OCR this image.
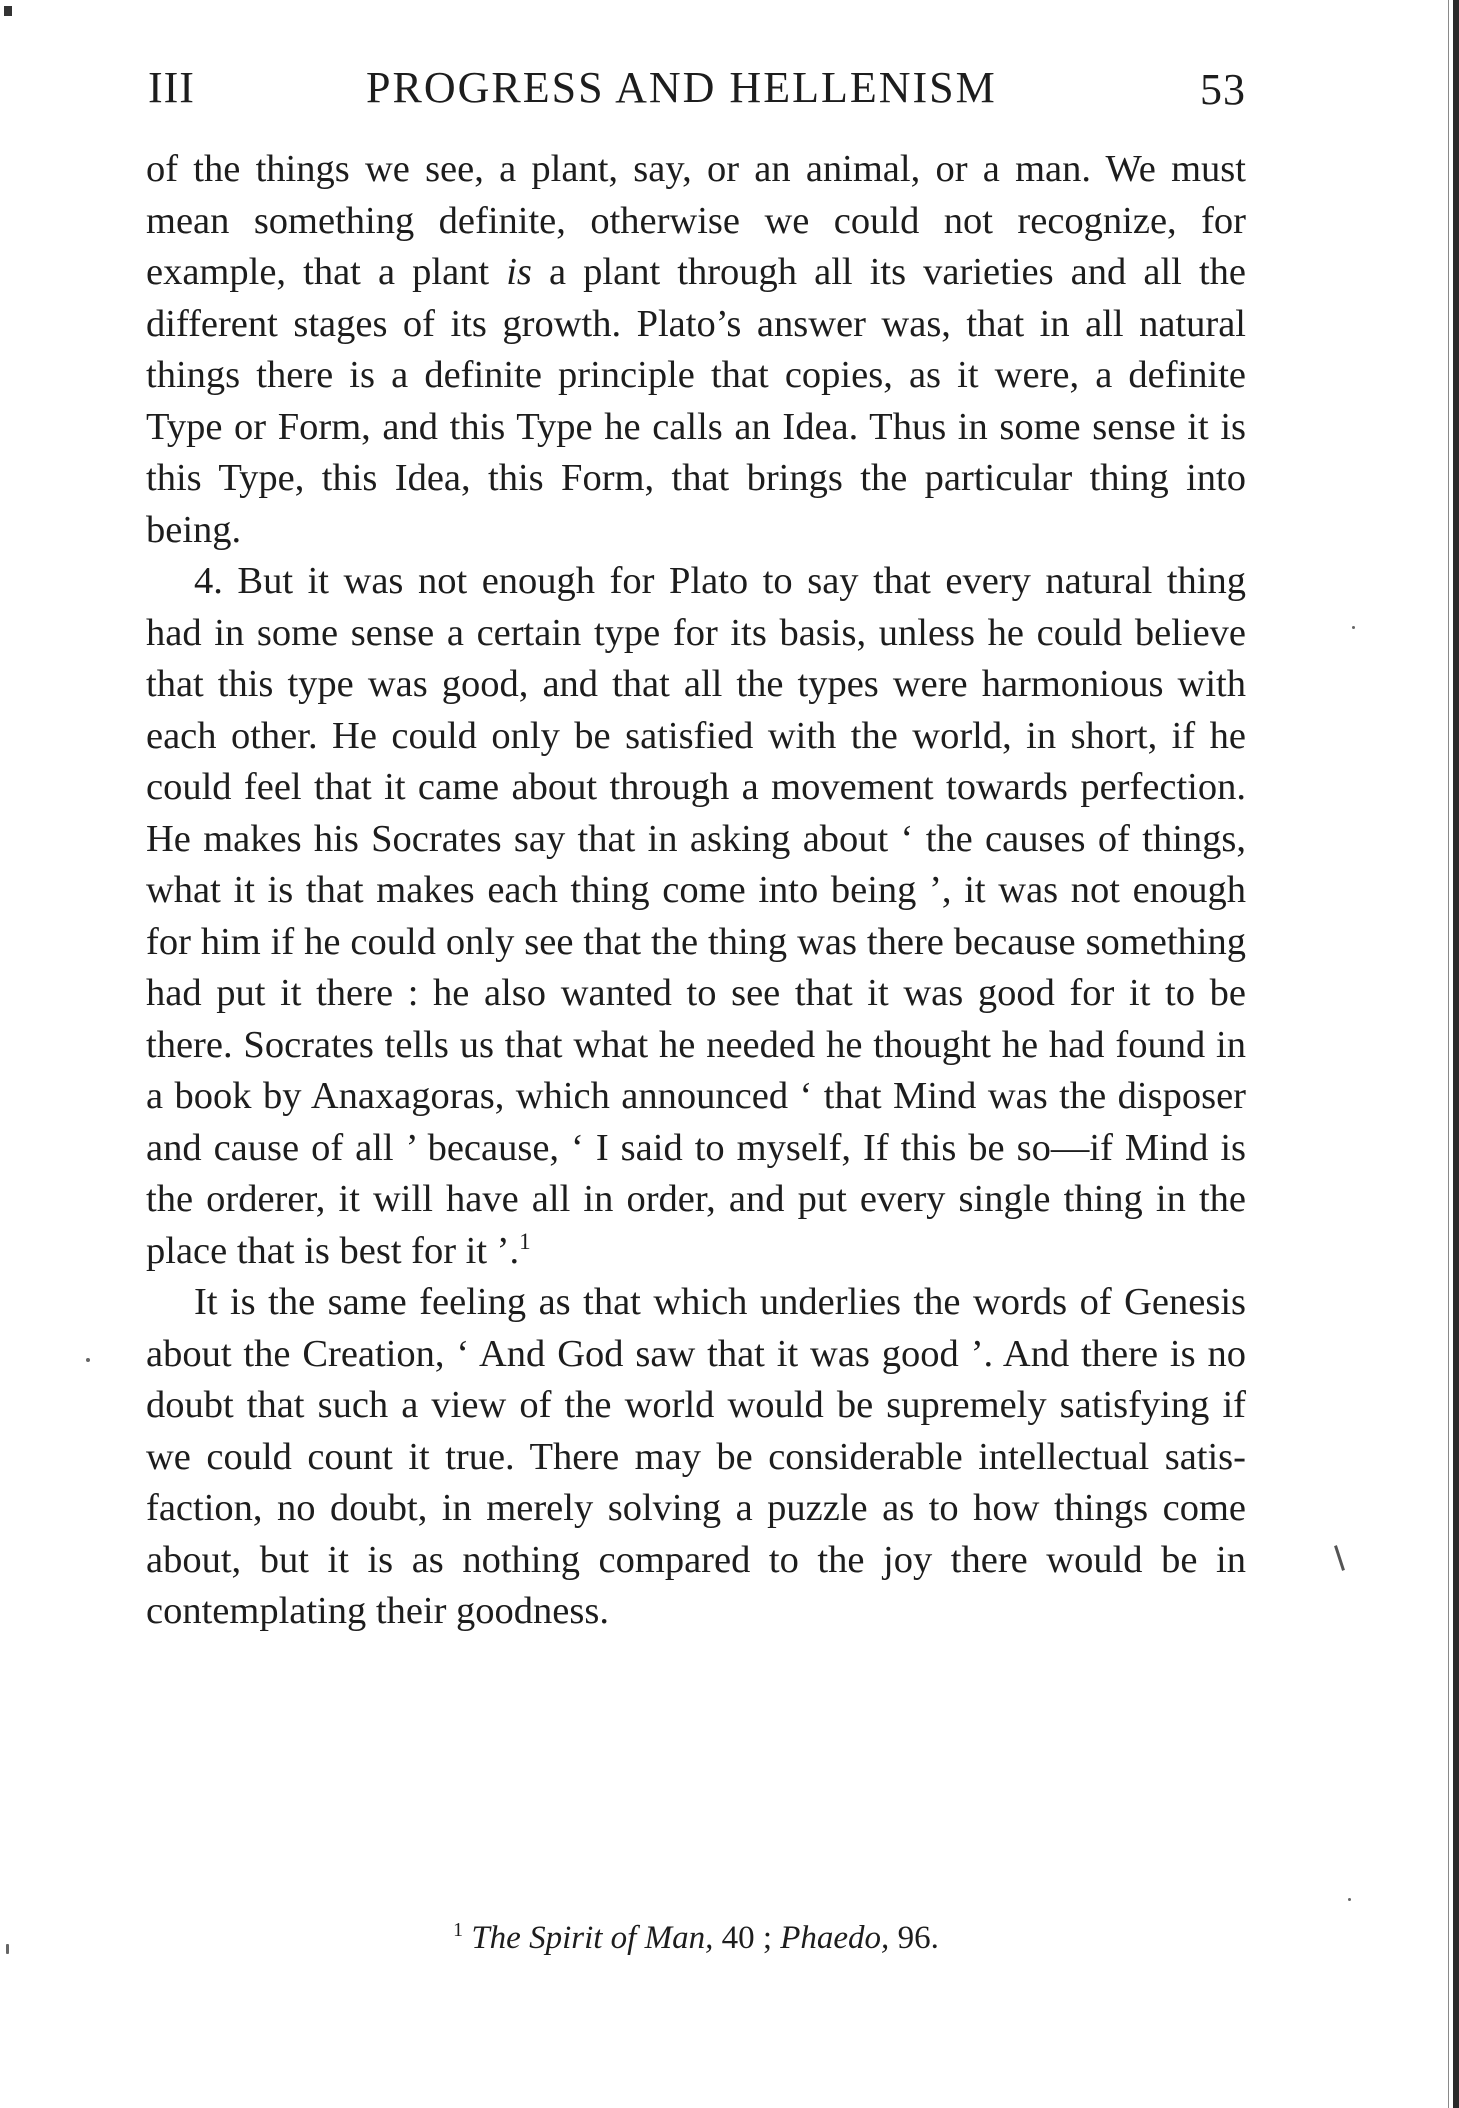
III	PROGRESS AND HELLENISM	53

of the things we see, a plant, say, or an animal, or a man. We must mean something definite, otherwise we could not recognize, for example, that a plant is a plant through all its varieties and all the different stages of its growth. Plato’s answer was, that in all natural things there is a definite principle that copies, as it were, a definite Type or Form, and this Type he calls an Idea. Thus in some sense it is this Type, this Idea, this Form, that brings the particular thing into being.

4. But it was not enough for Plato to say that every natural thing had in some sense a certain type for its basis, unless he could believe that this type was good, and that all the types were harmonious with each other. He could only be satisfied with the world, in short, if he could feel that it came about through a movement towards perfection. He makes his Socrates say that in asking about ‘ the causes of things, what it is that makes each thing come into being ’, it was not enough for him if he could only see that the thing was there because something had put it there : he also wanted to see that it was good for it to be there. Socrates tells us that what he needed he thought he had found in a book by Anaxagoras, which announced ‘ that Mind was the disposer and cause of all ’ because, ‘ I said to myself, If this be so—if Mind is the orderer, it will have all in order, and put every single thing in the place that is best for it ’.$^1$

It is the same feeling as that which underlies the words of Genesis about the Creation, ‘ And God saw that it was good ’. And there is no doubt that such a view of the world would be supremely satisfying if we could count it true. There may be considerable intellectual satisfaction, no doubt, in merely solving a puzzle as to how things come about, but it is as nothing compared to the joy there would be in contemplating their goodness.

$^1$ The Spirit of Man, 40 ; Phaedo, 96.
